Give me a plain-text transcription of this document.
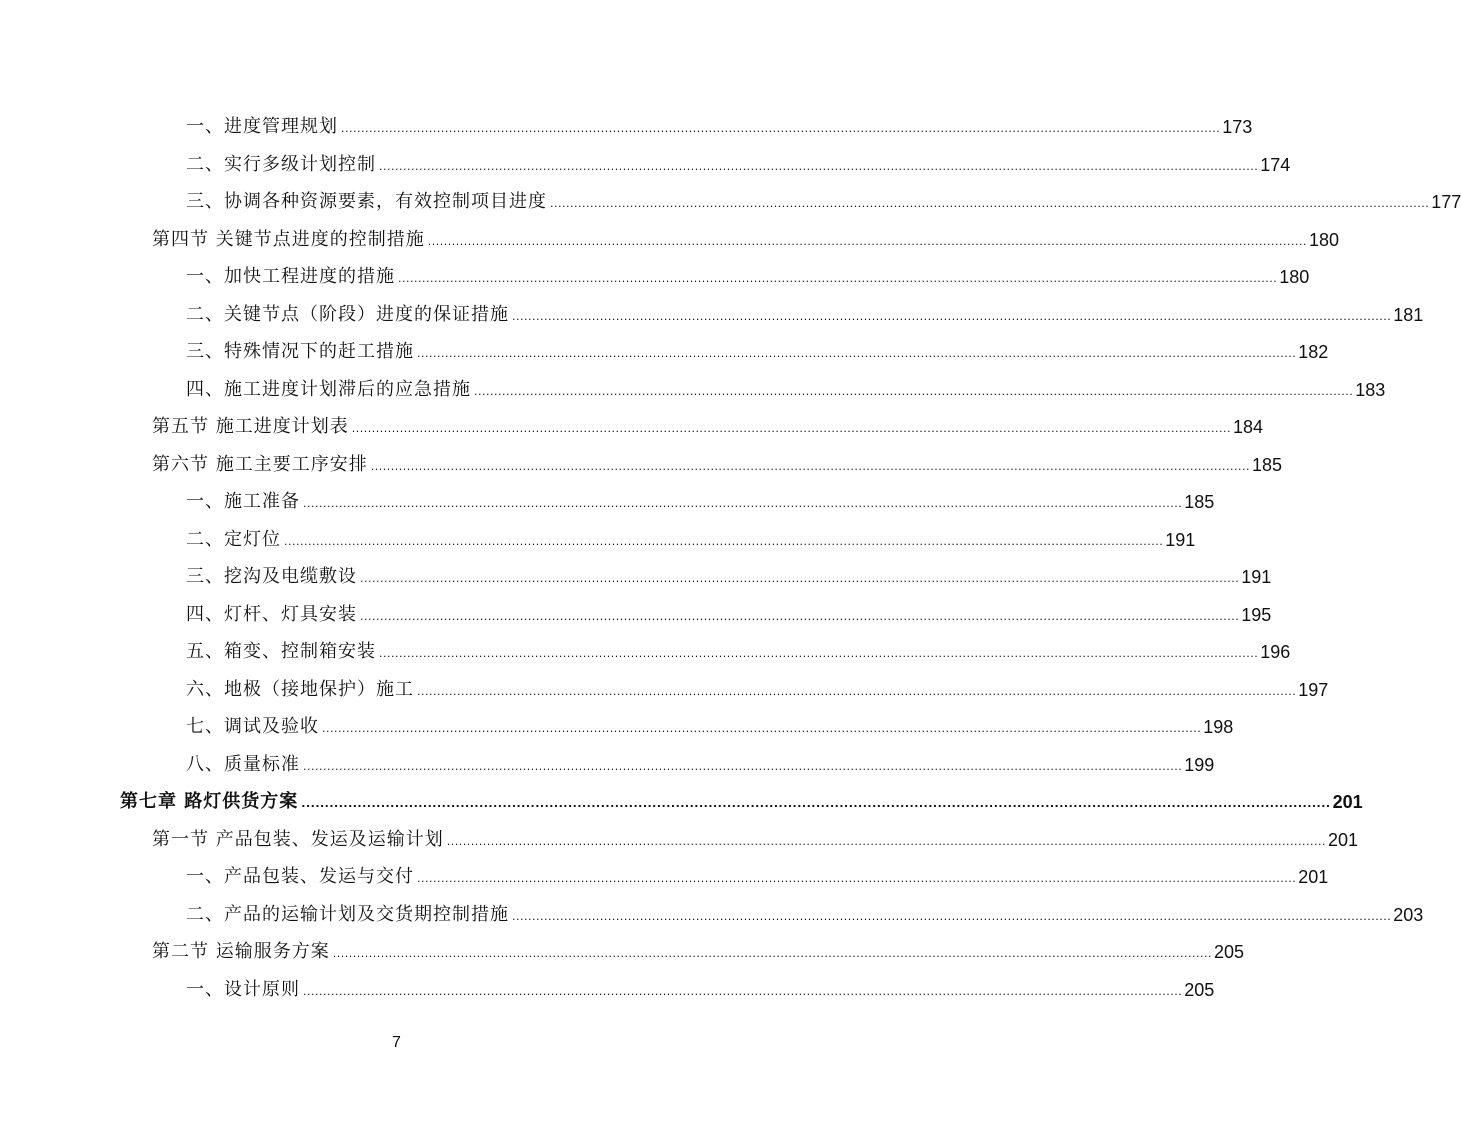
一、进度管理规划 ............................................................................................................................................................................................................................ 173
二、实行多级计划控制 ............................................................................................................................................................................................................................ 174
三、协调各种资源要素，有效控制项目进度 ............................................................................................................................................................................................................................ 177
第四节 关键节点进度的控制措施 ............................................................................................................................................................................................................................ 180
一、加快工程进度的措施 ............................................................................................................................................................................................................................ 180
二、关键节点（阶段）进度的保证措施 ............................................................................................................................................................................................................................ 181
三、特殊情况下的赶工措施 ............................................................................................................................................................................................................................ 182
四、施工进度计划滞后的应急措施 ............................................................................................................................................................................................................................ 183
第五节 施工进度计划表 ............................................................................................................................................................................................................................ 184
第六节 施工主要工序安排 ............................................................................................................................................................................................................................ 185
一、施工准备 ............................................................................................................................................................................................................................ 185
二、定灯位 ............................................................................................................................................................................................................................ 191
三、挖沟及电缆敷设 ............................................................................................................................................................................................................................ 191
四、灯杆、灯具安装 ............................................................................................................................................................................................................................ 195
五、箱变、控制箱安装 ............................................................................................................................................................................................................................ 196
六、地极（接地保护）施工 ............................................................................................................................................................................................................................ 197
七、调试及验收 ............................................................................................................................................................................................................................ 198
八、质量标准 ............................................................................................................................................................................................................................ 199
第七章 路灯供货方案 ............................................................................................................................................................................................................................ 201
第一节 产品包装、发运及运输计划 ............................................................................................................................................................................................................................ 201
一、产品包装、发运与交付 ............................................................................................................................................................................................................................ 201
二、产品的运输计划及交货期控制措施 ............................................................................................................................................................................................................................ 203
第二节 运输服务方案 ............................................................................................................................................................................................................................ 205
一、设计原则 ............................................................................................................................................................................................................................ 205
7
